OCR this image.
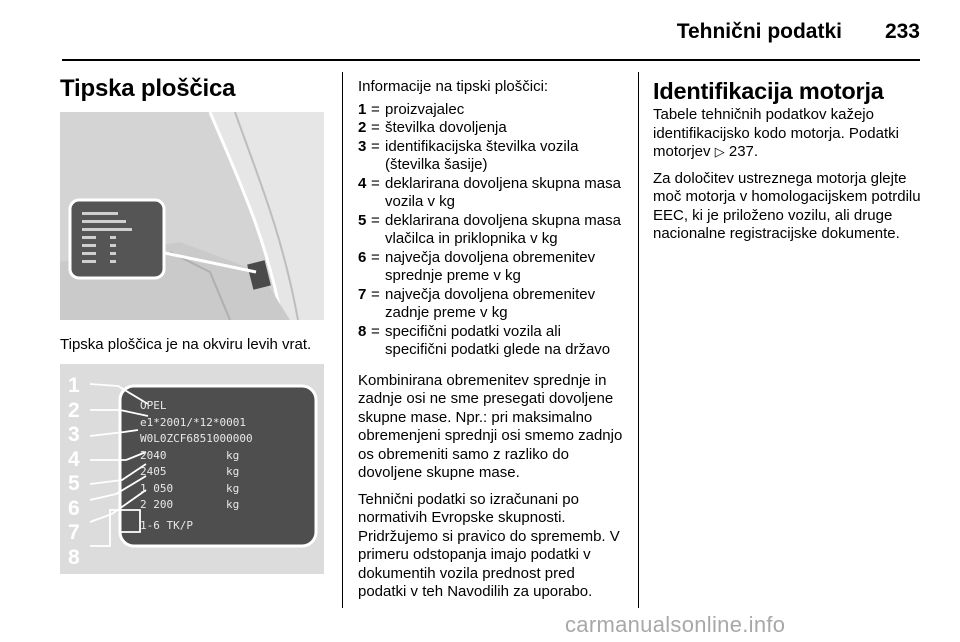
Tehnični podatki 233
Tipska ploščica

Tipska ploščica je na okviru levih vrat.

1
2
3
4
5
6
7
8
OPEL
e1*2001/*12*0001
W0L0ZCF6851000000
2040
2405
1 050
2 200
1-6 TK/P
kg
kg
kg
kg

Informacije na tipski ploščici:

1 = proizvajalec
2 = številka dovoljenja
3 = identifikacijska številka vozila (številka šasije)
4 = deklarirana dovoljena skupna masa vozila v kg
5 = deklarirana dovoljena skupna masa vlačilca in priklopnika v kg
6 = največja dovoljena obremenitev sprednje preme v kg
7 = največja dovoljena obremenitev zadnje preme v kg
8 = specifični podatki vozila ali specifični podatki glede na državo

Kombinirana obremenitev sprednje in zadnje osi ne sme presegati dovoljene skupne mase. Npr.: pri maksimalno obremenjeni sprednji osi smemo zadnjo os obremeniti samo z razliko do dovoljene skupne mase.

Tehnični podatki so izračunani po normativih Evropske skupnosti. Pridržujemo si pravico do sprememb. V primeru odstopanja imajo podatki v dokumentih vozila prednost pred podatki v teh Navodilih za uporabo.

Identifikacija motorja

Tabele tehničnih podatkov kažejo identifikacijsko kodo motorja. Podatki motorjev ▷ 237.

Za določitev ustreznega motorja glejte moč motorja v homologacijskem potrdilu EEC, ki je priloženo vozilu, ali druge nacionalne registracijske dokumente.

carmanualsonline.info
